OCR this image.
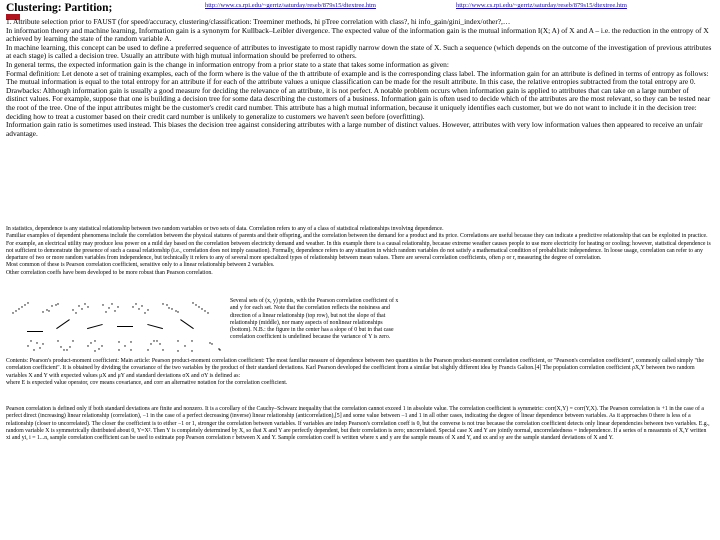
Clustering: Partition;	http://www.cs.rpi.edu/~gerriz/saturday/reseb/879s15/dtextree.htm	http://www.cs.rpi.edu/~gerriz/saturday/reseb/879s15/dtextree.htm

1. Attribute selection prior to FAUST (for speed/accuracy, clustering/classification: Treeminer methods, hi pTree correlation with class?, hi info_gain/gini_index/other?,…

In information theory and machine learning, Information gain is a synonym for Kullback–Leibler divergence. The expected value of the information gain is the mutual information I(X; A) of X and A – i.e. the reduction in the entropy of X achieved by learning the state of the random variable A.

In machine learning, this concept can be used to define a preferred sequence of attributes to investigate to most rapidly narrow down the state of X. Such a sequence (which depends on the outcome of the investigation of previous attributes at each stage) is called a decision tree. Usually an attribute with high mutual information should be preferred to others.

In general terms, the expected information gain is the change in information entropy from a prior state to a state that takes some information as given:

Formal definition: Let denote a set of training examples, each of the form where is the value of the th attribute of example and is the corresponding class label. The information gain for an attribute is defined in terms of entropy as follows: The mutual information is equal to the total entropy for an attribute if for each of the attribute values a unique classification can be made for the result attribute. In this case, the relative entropies subtracted from the total entropy are 0.

Drawbacks: Although information gain is usually a good measure for deciding the relevance of an attribute, it is not perfect. A notable problem occurs when information gain is applied to attributes that can take on a large number of distinct values. For example, suppose that one is building a decision tree for some data describing the customers of a business. Information gain is often used to decide which of the attributes are the most relevant, so they can be tested near the root of the tree. One of the input attributes might be the customer's credit card number. This attribute has a high mutual information, because it uniquely identifies each customer, but we do not want to include it in the decision tree: deciding how to treat a customer based on their credit card number is unlikely to generalize to customers we haven't seen before (overfitting).

Information gain ratio is sometimes used instead. This biases the decision tree against considering attributes with a large number of distinct values. However, attributes with very low information values then appeared to receive an unfair advantage.

In statistics, dependence is any statistical relationship between two random variables or two sets of data. Correlation refers to any of a class of statistical relationships involving dependence.

Familiar examples of dependent phenomena include the correlation between the physical statures of parents and their offspring, and the correlation between the demand for a product and its price. Correlations are useful because they can indicate a predictive relationship that can be exploited in practice. For example, an electrical utility may produce less power on a mild day based on the correlation between electricity demand and weather. In this example there is a causal relationship, because extreme weather causes people to use more electricity for heating or cooling; however, statistical dependence is not sufficient to demonstrate the presence of such a causal relationship (i.e., correlation does not imply causation). Formally, dependence refers to any situation in which random variables do not satisfy a mathematical condition of probabilistic independence. In loose usage, correlation can refer to any departure of two or more random variables from independence, but technically it refers to any of several more specialized types of relationship between mean values. There are several correlation coefficients, often ρ or r, measuring the degree of correlation.

Most common of these is Pearson correlation coefficient, sensitive only to a linear relationship between 2 variables.

Other correlation coeffs have been developed to be more robust than Pearson correlation.

Several sets of (x, y) points, with the Pearson correlation coefficient of x and y for each set. Note that the correlation reflects the noisiness and direction of a linear relationship (top row), but not the slope of that relationship (middle), nor many aspects of nonlinear relationships (bottom). N.B.: the figure in the center has a slope of 0 but in that case correlation coefficient is undefined because the variance of Y is zero.

Contents: Pearson's product-moment coefficient: Main article: Pearson product-moment correlation coefficient: The most familiar measure of dependence between two quantities is the Pearson product-moment correlation coefficient, or "Pearson's correlation coefficient", commonly called simply "the correlation coefficient". It is obtained by dividing the covariance of the two variables by the product of their standard deviations. Karl Pearson developed the coefficient from a similar but slightly different idea by Francis Galton.[4] The population correlation coefficient ρX,Y between two random variables X and Y with expected values μX and μY and standard deviations σX and σY is defined as:

where E is expected value operator, cov means covariance, and corr an alternative notation for the correlation coefficient.

Pearson correlation is defined only if both standard deviations are finite and nonzero. It is a corollary of the Cauchy–Schwarz inequality that the correlation cannot exceed 1 in absolute value. The correlation coefficient is symmetric: corr(X,Y) = corr(Y,X). The Pearson correlation is +1 in the case of a perfect direct (increasing) linear relationship (correlation), −1 in the case of a perfect decreasing (inverse) linear relationship (anticorrelation),[5] and some value between −1 and 1 in all other cases, indicating the degree of linear dependence between variables. As it approaches 0 there is less of a relationship (closer to uncorrelated). The closer the coefficient is to either −1 or 1, stronger the correlation between variables. If variables are indep Pearson's correlation coeff is 0, but the converse is not true because the correlation coefficient detects only linear dependencies between two variables. E.g., random variable X is symmetrically distributed about 0, Y=X². Then Y is completely determined by X, so that X and Y are perfectly dependent, but their correlation is zero; uncorrelated. Special case X and Y are jointly normal, uncorrelatedness = independence. If a series of n measmnts of X,Y written xi and yi, i = 1...n, sample correlation coefficient can be used to estimate pop Pearson correlation r between X and Y. Sample correlation coeff is written where x and y are the sample means of X and Y, and sx and sy are the sample standard deviations of X and Y.
